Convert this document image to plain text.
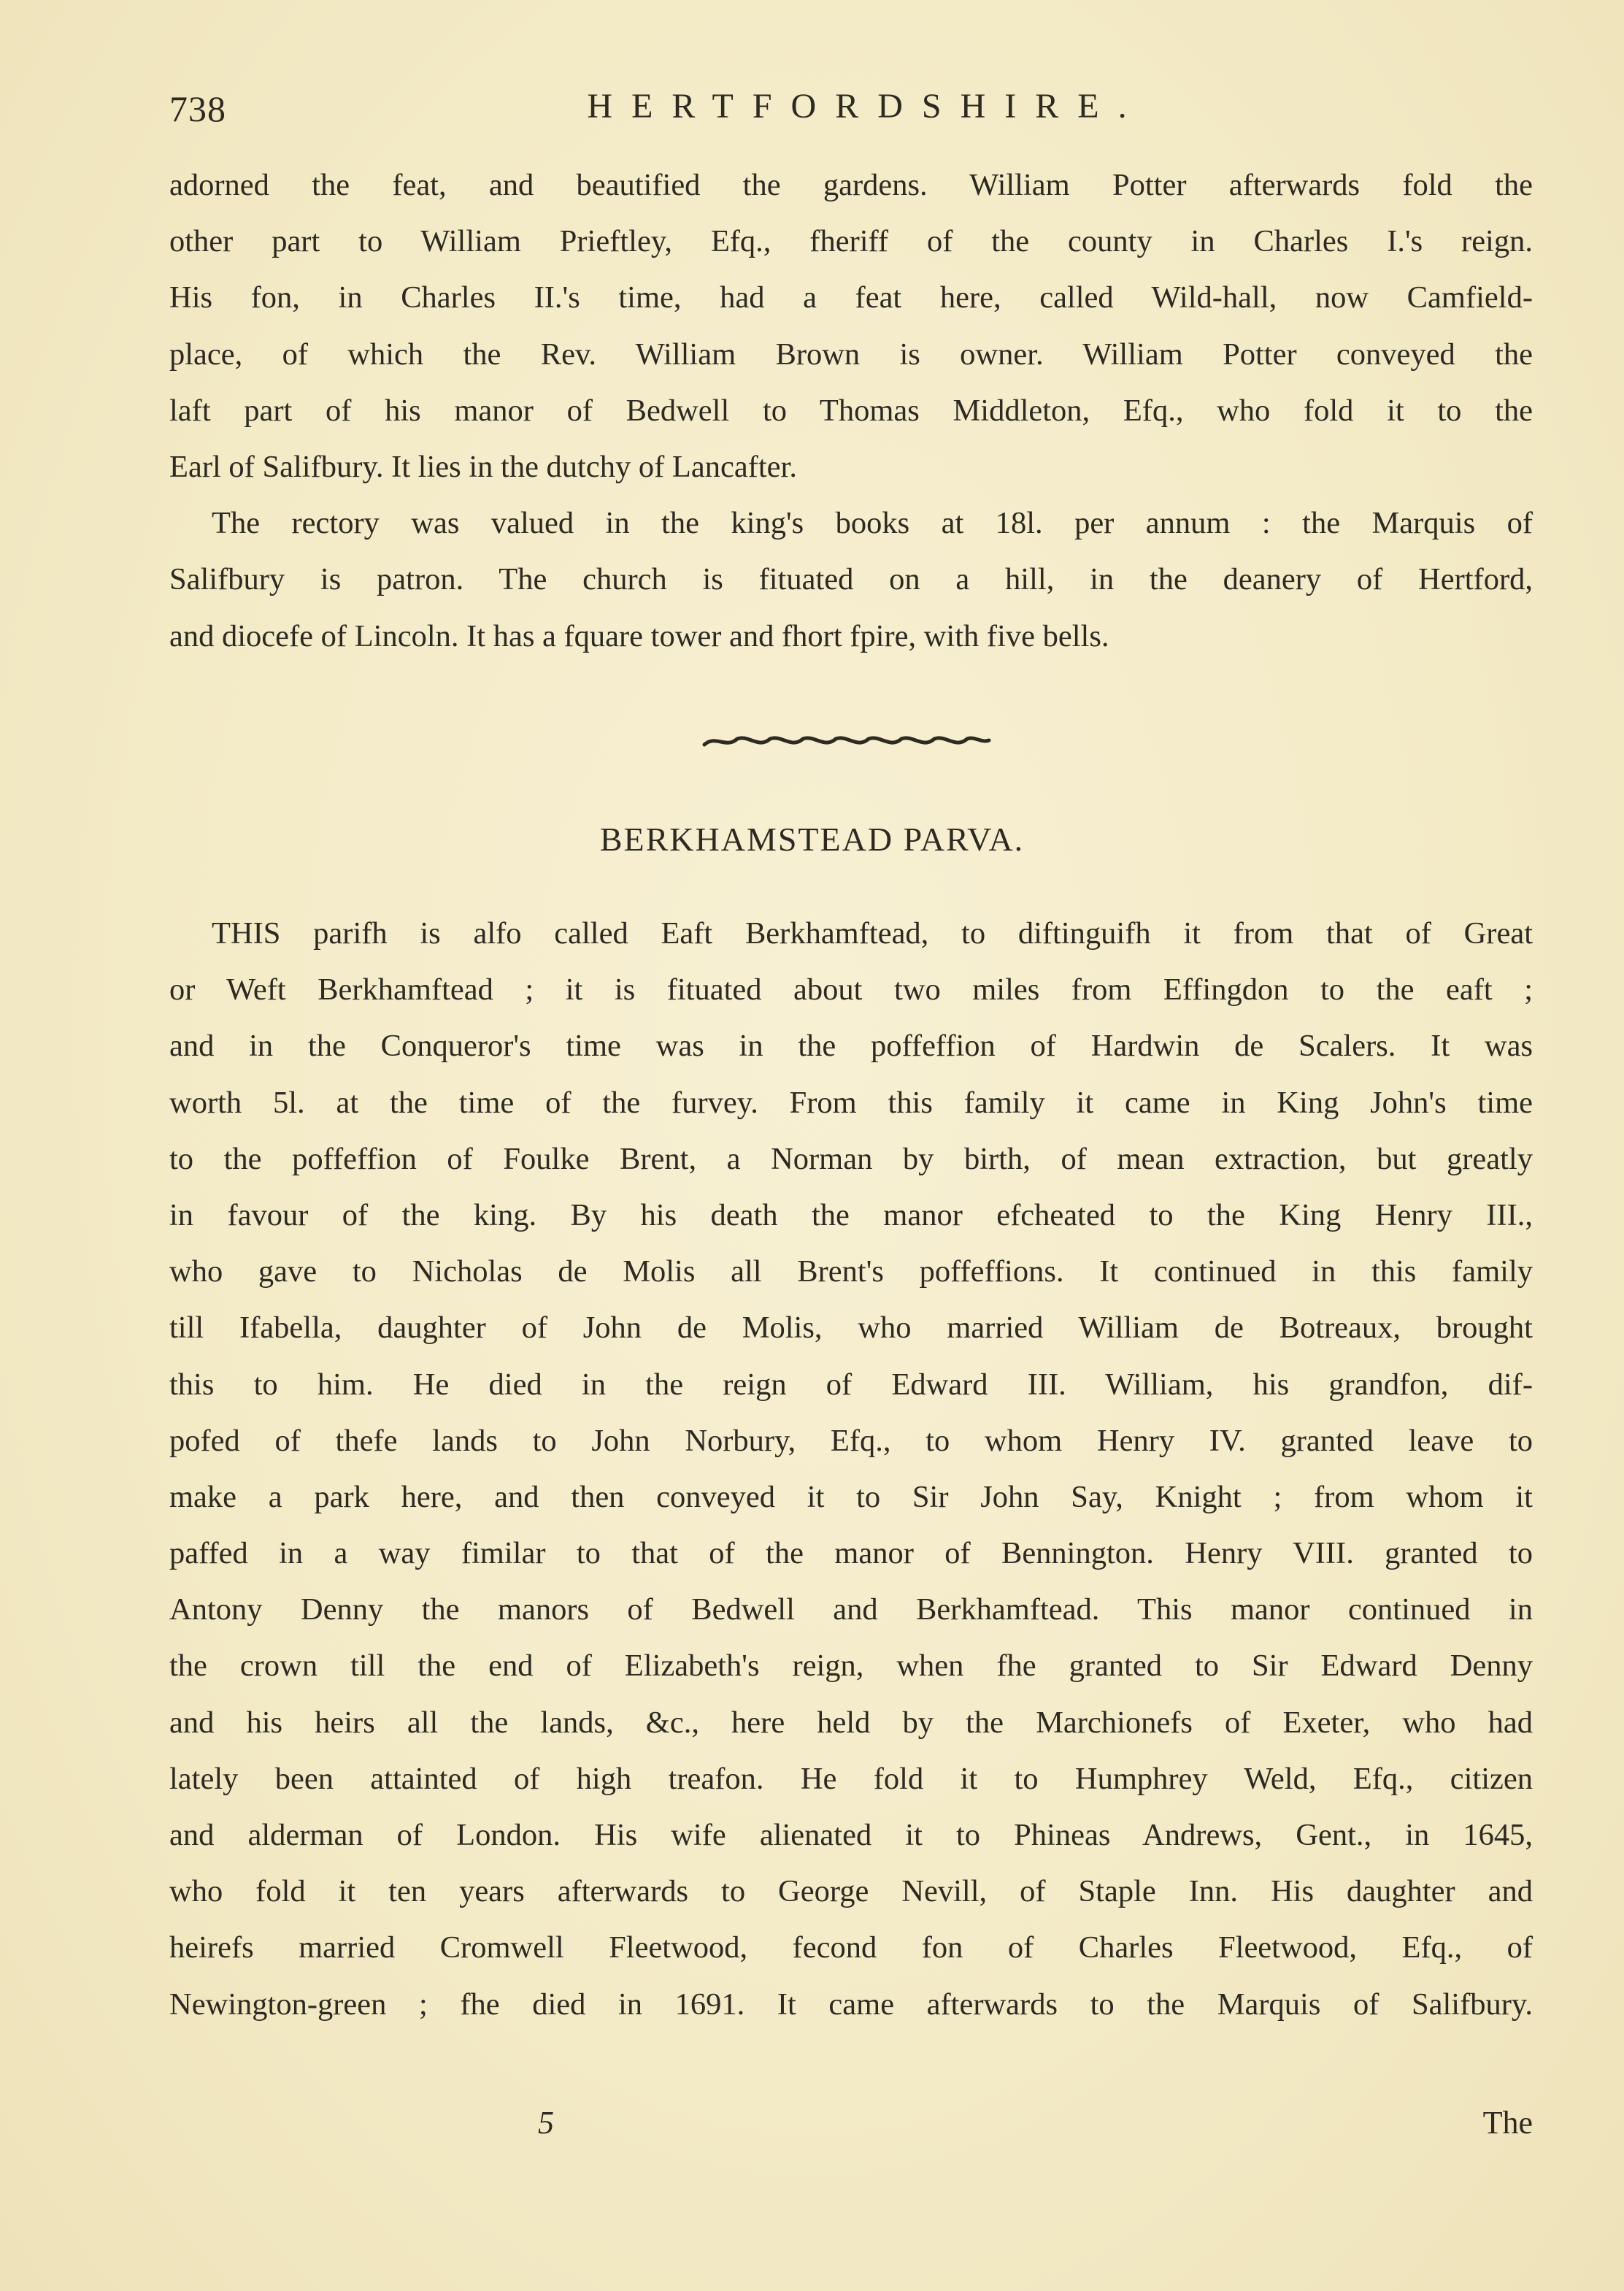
738	HERTFORDSHIRE.
adorned the feat, and beautified the gardens. William Potter afterwards fold the
other part to William Prieftley, Efq., fheriff of the county in Charles I.'s reign.
His fon, in Charles II.'s time, had a feat here, called Wild-hall, now Camfield-
place, of which the Rev. William Brown is owner. William Potter conveyed the
laft part of his manor of Bedwell to Thomas Middleton, Efq., who fold it to the
Earl of Salifbury. It lies in the dutchy of Lancafter.
The rectory was valued in the king's books at 18l. per annum : the Marquis of
Salifbury is patron. The church is fituated on a hill, in the deanery of Hertford,
and diocefe of Lincoln. It has a fquare tower and fhort fpire, with five bells.
BERKHAMSTEAD PARVA.
THIS parifh is alfo called Eaft Berkhamftead, to diftinguifh it from that of Great
or Weft Berkhamftead ; it is fituated about two miles from Effingdon to the eaft ;
and in the Conqueror's time was in the poffeffion of Hardwin de Scalers. It was
worth 5l. at the time of the furvey. From this family it came in King John's time
to the poffeffion of Foulke Brent, a Norman by birth, of mean extraction, but greatly
in favour of the king. By his death the manor efcheated to the King Henry III.,
who gave to Nicholas de Molis all Brent's poffeffions. It continued in this family
till Ifabella, daughter of John de Molis, who married William de Botreaux, brought
this to him. He died in the reign of Edward III. William, his grandfon, dif-
pofed of thefe lands to John Norbury, Efq., to whom Henry IV. granted leave to
make a park here, and then conveyed it to Sir John Say, Knight ; from whom it
paffed in a way fimilar to that of the manor of Bennington. Henry VIII. granted to
Antony Denny the manors of Bedwell and Berkhamftead. This manor continued in
the crown till the end of Elizabeth's reign, when fhe granted to Sir Edward Denny
and his heirs all the lands, &c., here held by the Marchionefs of Exeter, who had
lately been attainted of high treafon. He fold it to Humphrey Weld, Efq., citizen
and alderman of London. His wife alienated it to Phineas Andrews, Gent., in 1645,
who fold it ten years afterwards to George Nevill, of Staple Inn. His daughter and
heirefs married Cromwell Fleetwood, fecond fon of Charles Fleetwood, Efq., of
Newington-green ; fhe died in 1691. It came afterwards to the Marquis of Salifbury.
5	The
